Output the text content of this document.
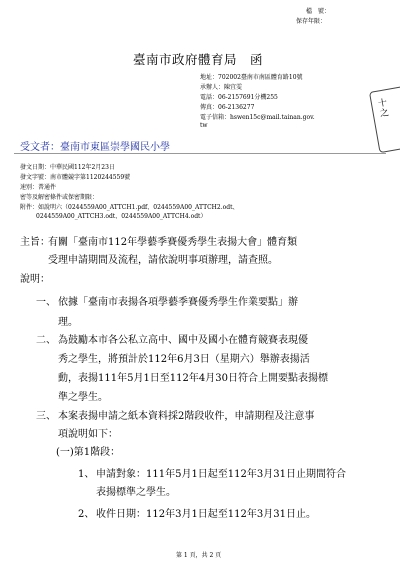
檔　號：
保存年限：
臺南市政府體育局　函
地址：702002臺南市南區體育路10號
承辦人：陳宜雯
電話：06-2157691分機255
傳真：06-2136277
電子信箱：hswen15c@mail.tainan.gov.
tw
十
之
受文者：臺南市東區崇學國民小學
發文日期：中華民國112年2月23日
發文字號：南市體競字第1120244559號
速別：普通件
密等及解密條件或保密期限：
附件：如說明六（0244559A00_ATTCH1.pdf、0244559A00_ATTCH2.odt、
0244559A00_ATTCH3.odt、0244559A00_ATTCH4.odt）
主旨：
有關「臺南市112年學藝季賽優秀學生表揚大會」體育類
受理申請期間及流程，請依說明事項辦理，請查照。
說明：
一、 依據「臺南市表揚各項學藝季賽優秀學生作業要點」辦
理。
二、 為鼓勵本市各公私立高中、國中及國小在體育競賽表現優
秀之學生，將預計於112年6月3日（星期六）舉辦表揚活
動，表揚111年5月1日至112年4月30日符合上開要點表揚標
準之學生。
三、 本案表揚申請之紙本資料採2階段收件，申請期程及注意事
項說明如下：
(一)第1階段：
1、 申請對象：111年5月1日起至112年3月31日止期間符合
表揚標準之學生。
2、 收件日期：112年3月1日起至112年3月31日止。
第 1 頁，共 2 頁
